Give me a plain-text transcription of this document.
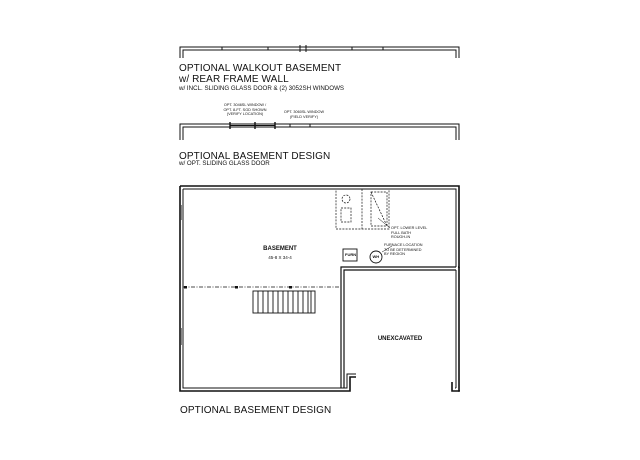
OPTIONAL WALKOUT BASEMENT
w/ REAR FRAME WALL
w/ INCL. SLIDING GLASS DOOR & (2) 3052SH WINDOWS
OPT. 3046SL WINDOW /
OPT. 8-FT. SGD SHOWN
(VERIFY LOCATION)
OPT. 3060SL WINDOW
(FIELD VERIFY)
OPTIONAL BASEMENT DESIGN
w/ OPT. SLIDING GLASS DOOR
BASEMENT
45-8 X 34-4
OPT. LOWER LEVEL
FULL BATH
ROUGH-IN
FURNACE LOCATION
TO BE DETERMINED
BY REGION
FURN	WH
UNEXCAVATED
OPTIONAL BASEMENT DESIGN
